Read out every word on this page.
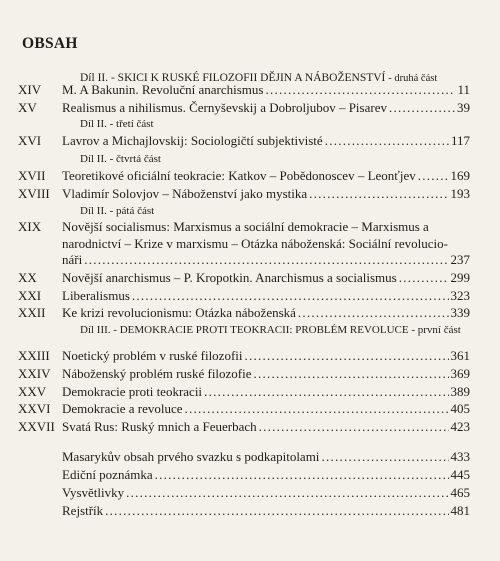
OBSAH
Díl II. - SKICI K RUSKÉ FILOZOFII DĚJIN A NÁBOŽENSTVÍ - druhá část
XIV	M. A Bakunin. Revoluční anarchismus . . .	11
XV	Realismus a nihilismus. Černyševskij a Dobroljubov – Pisarev . . .	39
Díl II. - třetí část
XVI	Lavrov a Michajlovskij: Sociologičtí subjektivisté . . .	117
Díl II. - čtvrtá část
XVII	Teoretikové oficiální teokracie: Katkov – Pobědonoscev – Leonťjev . . .	169
XVIII Vladimír Solovjov – Náboženství jako mystika . . .	193
Díl II. - pátá část
XIX	Novější socialismus: Marxismus a sociální demokracie – Marxismus a
narodnictví – Krize v marxismu – Otázka náboženská: Sociální revolucio-
náři . . .	237
XX	Novější anarchismus – P. Kropotkin. Anarchismus a socialismus . . .	299
XXI	Liberalismus . . .	323
XXII	Ke krizi revolucionismu: Otázka náboženská . . .	339
Díl III. - DEMOKRACIE PROTI TEOKRACII: PROBLÉM REVOLUCE - první část
XXIII Noetický problém v ruské filozofii . . .	361
XXIV Náboženský problém ruské filozofie . . .	369
XXV	Demokracie proti teokracii . . .	389
XXVI Demokracie a revoluce . . .	405
XXVII Svatá Rus: Ruský mnich a Feuerbach . . .	423
Masarykův obsah prvého svazku s podkapitolami . . .	433
Ediční poznámka . . .	445
Vysvětlivky . . .	465
Rejstřík . . .	481
